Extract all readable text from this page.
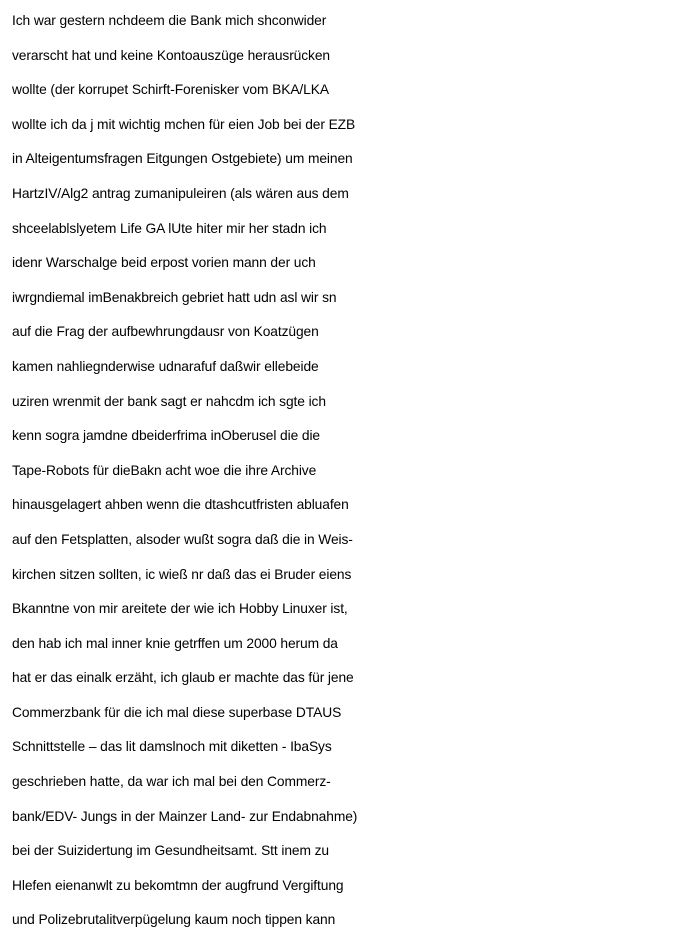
Ich war gestern nchdeem die Bank mich shconwider
verarscht hat und keine Kontoauszüge herausrücken
wollte (der korrupet Schirft-Forenisker vom BKA/LKA
wollte ich da j mit wichtig mchen für eien Job bei der EZB
in Alteigentumsfragen Eitgungen Ostgebiete) um meinen
HartzIV/Alg2 antrag zumanipuleiren (als wären aus dem
shceelablslyetem Life GA lUte hiter mir her stadn ich
idenr Warschalge beid erpost vorien mann der uch
iwrgndiemal imBenakbreich gebriet hatt udn asl wir sn
auf die Frag der aufbewhrungdausr von Koatzügen
kamen nahliegnderwise udnarafuf daßwir ellebeide
uziren wrenmit der bank sagt er nahcdm ich sgte ich
kenn sogra jamdne dbeiderfrima inOberusel die die
Tape-Robots für dieBakn acht woe die ihre Archive
hinausgelagert ahben wenn die dtashcutfristen abluafen
auf den Fetsplatten, alsoder wußt sogra daß die in Weis-
kirchen sitzen sollten, ic wieß nr daß das ei Bruder eiens
Bkanntne von mir areitete der wie ich Hobby Linuxer ist,
den hab ich mal inner knie getrffen um 2000 herum da
hat er das einalk erzäht, ich glaub er machte das für jene
Commerzbank für die ich mal diese superbase DTAUS
Schnittstelle – das lit damslnoch mit diketten - IbaSys
geschrieben hatte, da war ich mal bei den Commerz-
bank/EDV- Jungs in der Mainzer Land- zur Endabnahme)
bei der Suizidertung im Gesundheitsamt. Stt inem zu
Hlefen eienanwlt zu bekomtmn der augfrund Vergiftung
und Polizebrutalitverpügelung kaum noch tippen kann
